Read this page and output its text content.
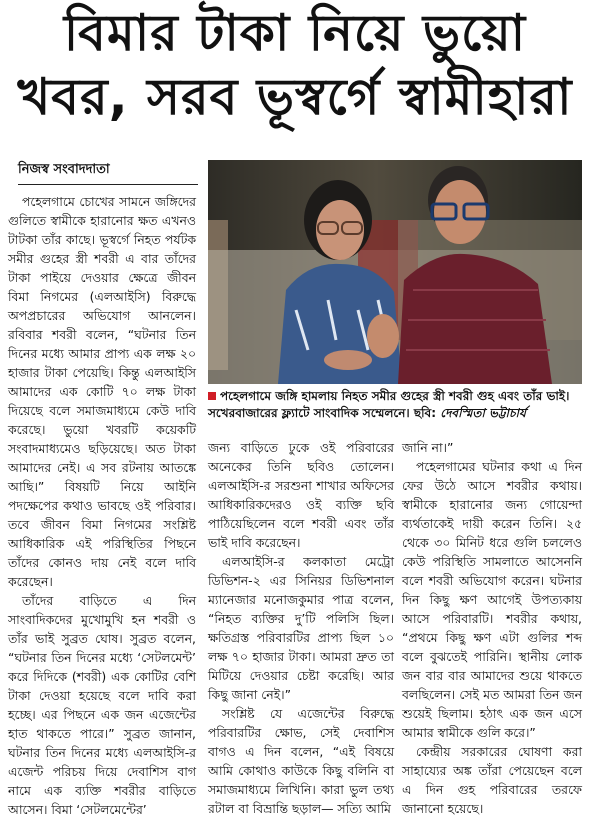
বিমার টাকা নিয়ে ভুয়ো
খবর, সরব ভূস্বর্গে স্বামীহারা
নিজস্ব সংবাদদাতা

পহেলগামে চোখের সামনে জঙ্গিদের গুলিতে স্বামীকে হারানোর ক্ষত এখনও টাটকা তাঁর কাছে। ভূস্বর্গে নিহত পর্যটক সমীর গুহের স্ত্রী শবরী এ বার তাঁদের টাকা পাইয়ে দেওয়ার ক্ষেত্রে জীবন বিমা নিগমের (এলআইসি) বিরুদ্ধে অপপ্রচারের অভিযোগ আনলেন। রবিবার শবরী বলেন, “ঘটনার তিন দিনের মধ্যে আমার প্রাপ্য এক লক্ষ ২০ হাজার টাকা পেয়েছি। কিন্তু এলআইসি আমাদের এক কোটি ৭০ লক্ষ টাকা দিয়েছে বলে সমাজমাধ্যমে কেউ দাবি করেছে। ভুয়ো খবরটি কয়েকটি সংবাদমাধ্যমেও ছড়িয়েছে। অত টাকা আমাদের নেই। এ সব রটনায় আতঙ্কে আছি।” বিষয়টি নিয়ে আইনি পদক্ষেপের কথাও ভাবছে ওই পরিবার। তবে জীবন বিমা নিগমের সংশ্লিষ্ট আধিকারিক এই পরিস্থিতির পিছনে তাঁদের কোনও দায় নেই বলে দাবি করেছেন।

তাঁদের বাড়িতে এ দিন সাংবাদিকদের মুখোমুখি হন শবরী ও তাঁর ভাই সুব্রত ঘোষ। সুব্রত বলেন, “ঘটনার তিন দিনের মধ্যে ‘সেটলমেন্ট’ করে দিদিকে (শবরী) এক কোটির বেশি টাকা দেওয়া হয়েছে বলে দাবি করা হচ্ছে। এর পিছনে এক জন এজেন্টের হাত থাকতে পারে।” সুব্রত জানান, ঘটনার তিন দিনের মধ্যে এলআইসি-র এজেন্ট পরিচয় দিয়ে দেবাশিস বাগ নামে এক ব্যক্তি শবরীর বাড়িতে আসেন। বিমা ‘সেটলমেন্টের’

পহেলগামে জঙ্গি হামলায় নিহত সমীর গুহের স্ত্রী শবরী গুহ এবং তাঁর ভাই। সখেরবাজারের ফ্ল্যাটে সাংবাদিক সম্মেলনে। ছবি: দেবস্মিতা ভট্টাচার্য

জন্য বাড়িতে ঢুকে ওই পরিবারের অনেকের তিনি ছবিও তোলেন। এলআইসি-র সরশুনা শাখার অফিসের আধিকারিকদেরও ওই ব্যক্তি ছবি পাঠিয়েছিলেন বলে শবরী এবং তাঁর ভাই দাবি করেছেন।

এলআইসি-র কলকাতা মেট্রো ডিভিশন-২ এর সিনিয়র ডিভিশনাল ম্যানেজার মনোজকুমার পাত্র বলেন, “নিহত ব্যক্তির দু’টি পলিসি ছিল। ক্ষতিগ্রস্ত পরিবারটির প্রাপ্য ছিল ১০ লক্ষ ৭০ হাজার টাকা। আমরা দ্রুত তা মিটিয়ে দেওয়ার চেষ্টা করেছি। আর কিছু জানা নেই।”

সংশ্লিষ্ট যে এজেন্টের বিরুদ্ধে পরিবারটির ক্ষোভ, সেই দেবাশিস বাগও এ দিন বলেন, “এই বিষয়ে আমি কোথাও কাউকে কিছু বলিনি বা সমাজমাধ্যমে লিখিনি। কারা ভুল তথ্য রটাল বা বিভ্রান্তি ছড়াল— সত্যি আমি

জানি না।”

পহেলগামের ঘটনার কথা এ দিন ফের উঠে আসে শবরীর কথায়। স্বামীকে হারানোর জন্য গোয়েন্দা ব্যর্থতাকেই দায়ী করেন তিনি। ২৫ থেকে ৩০ মিনিট ধরে গুলি চললেও কেউ পরিস্থিতি সামলাতে আসেননি বলে শবরী অভিযোগ করেন। ঘটনার দিন কিছু ক্ষণ আগেই উপত্যকায় আসে পরিবারটি। শবরীর কথায়, “প্রথমে কিছু ক্ষণ এটা গুলির শব্দ বলে বুঝতেই পারিনি। স্থানীয় লোক জন বার বার আমাদের শুয়ে থাকতে বলছিলেন। সেই মত আমরা তিন জন শুয়েই ছিলাম। হঠাৎ এক জন এসে আমার স্বামীকে গুলি করে।”

কেন্দ্রীয় সরকারের ঘোষণা করা সাহায্যের অঙ্ক তাঁরা পেয়েছেন বলে এ দিন গুহ পরিবারের তরফে জানানো হয়েছে।
